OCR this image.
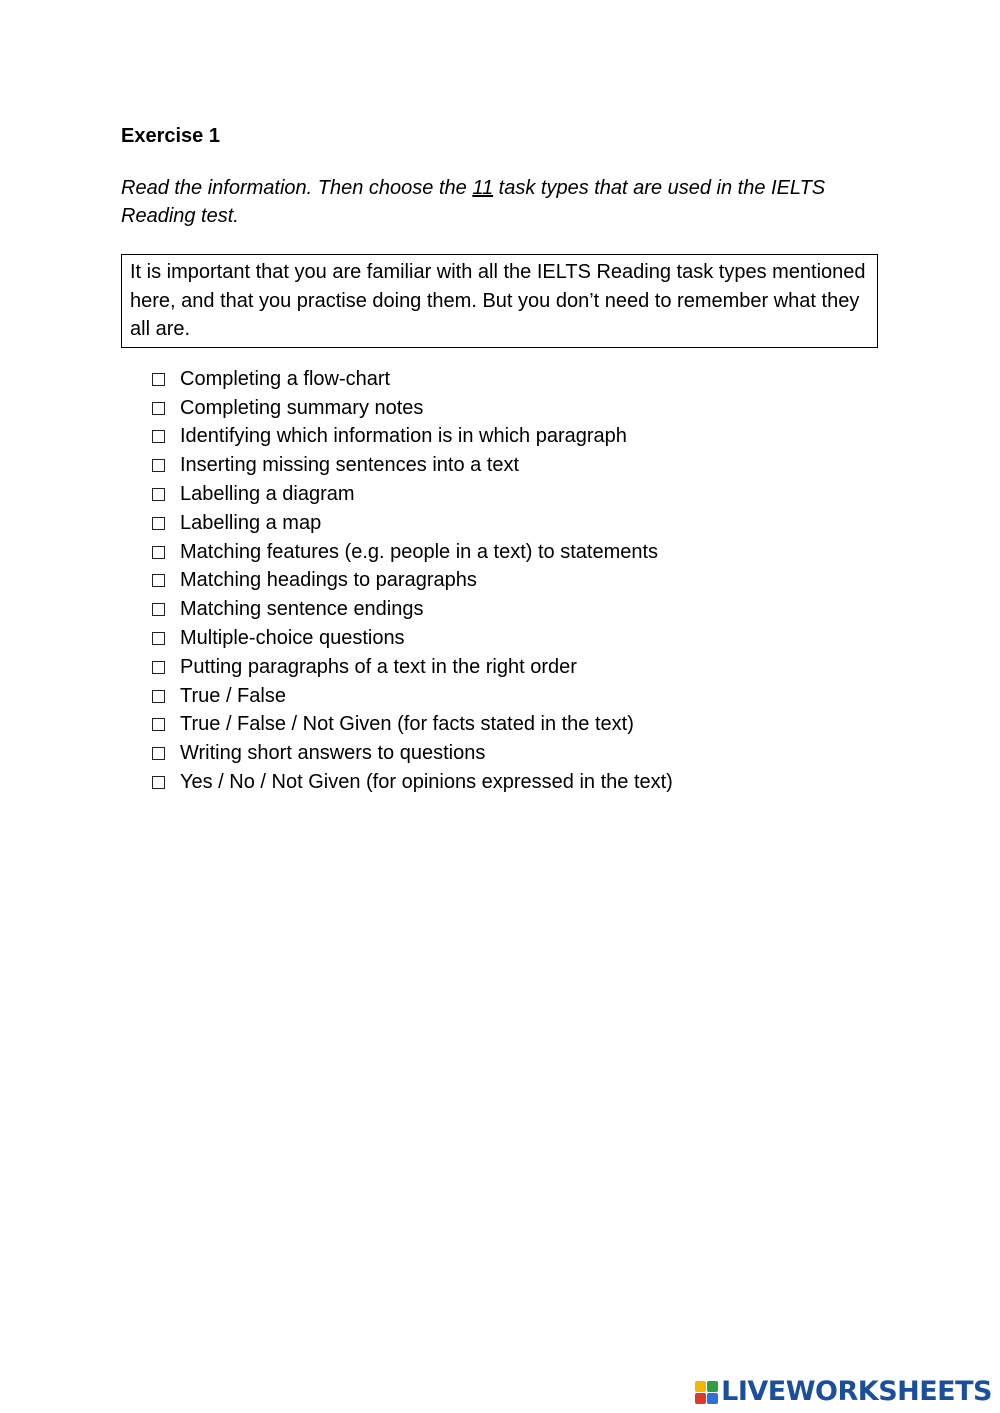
Exercise 1
Read the information. Then choose the 11 task types that are used in the IELTS Reading test.
It is important that you are familiar with all the IELTS Reading task types mentioned here, and that you practise doing them. But you don’t need to remember what they all are.
Completing a flow-chart
Completing summary notes
Identifying which information is in which paragraph
Inserting missing sentences into a text
Labelling a diagram
Labelling a map
Matching features (e.g. people in a text) to statements
Matching headings to paragraphs
Matching sentence endings
Multiple-choice questions
Putting paragraphs of a text in the right order
True / False
True / False / Not Given (for facts stated in the text)
Writing short answers to questions
Yes / No / Not Given (for opinions expressed in the text)
LIVEWORKSHEETS
